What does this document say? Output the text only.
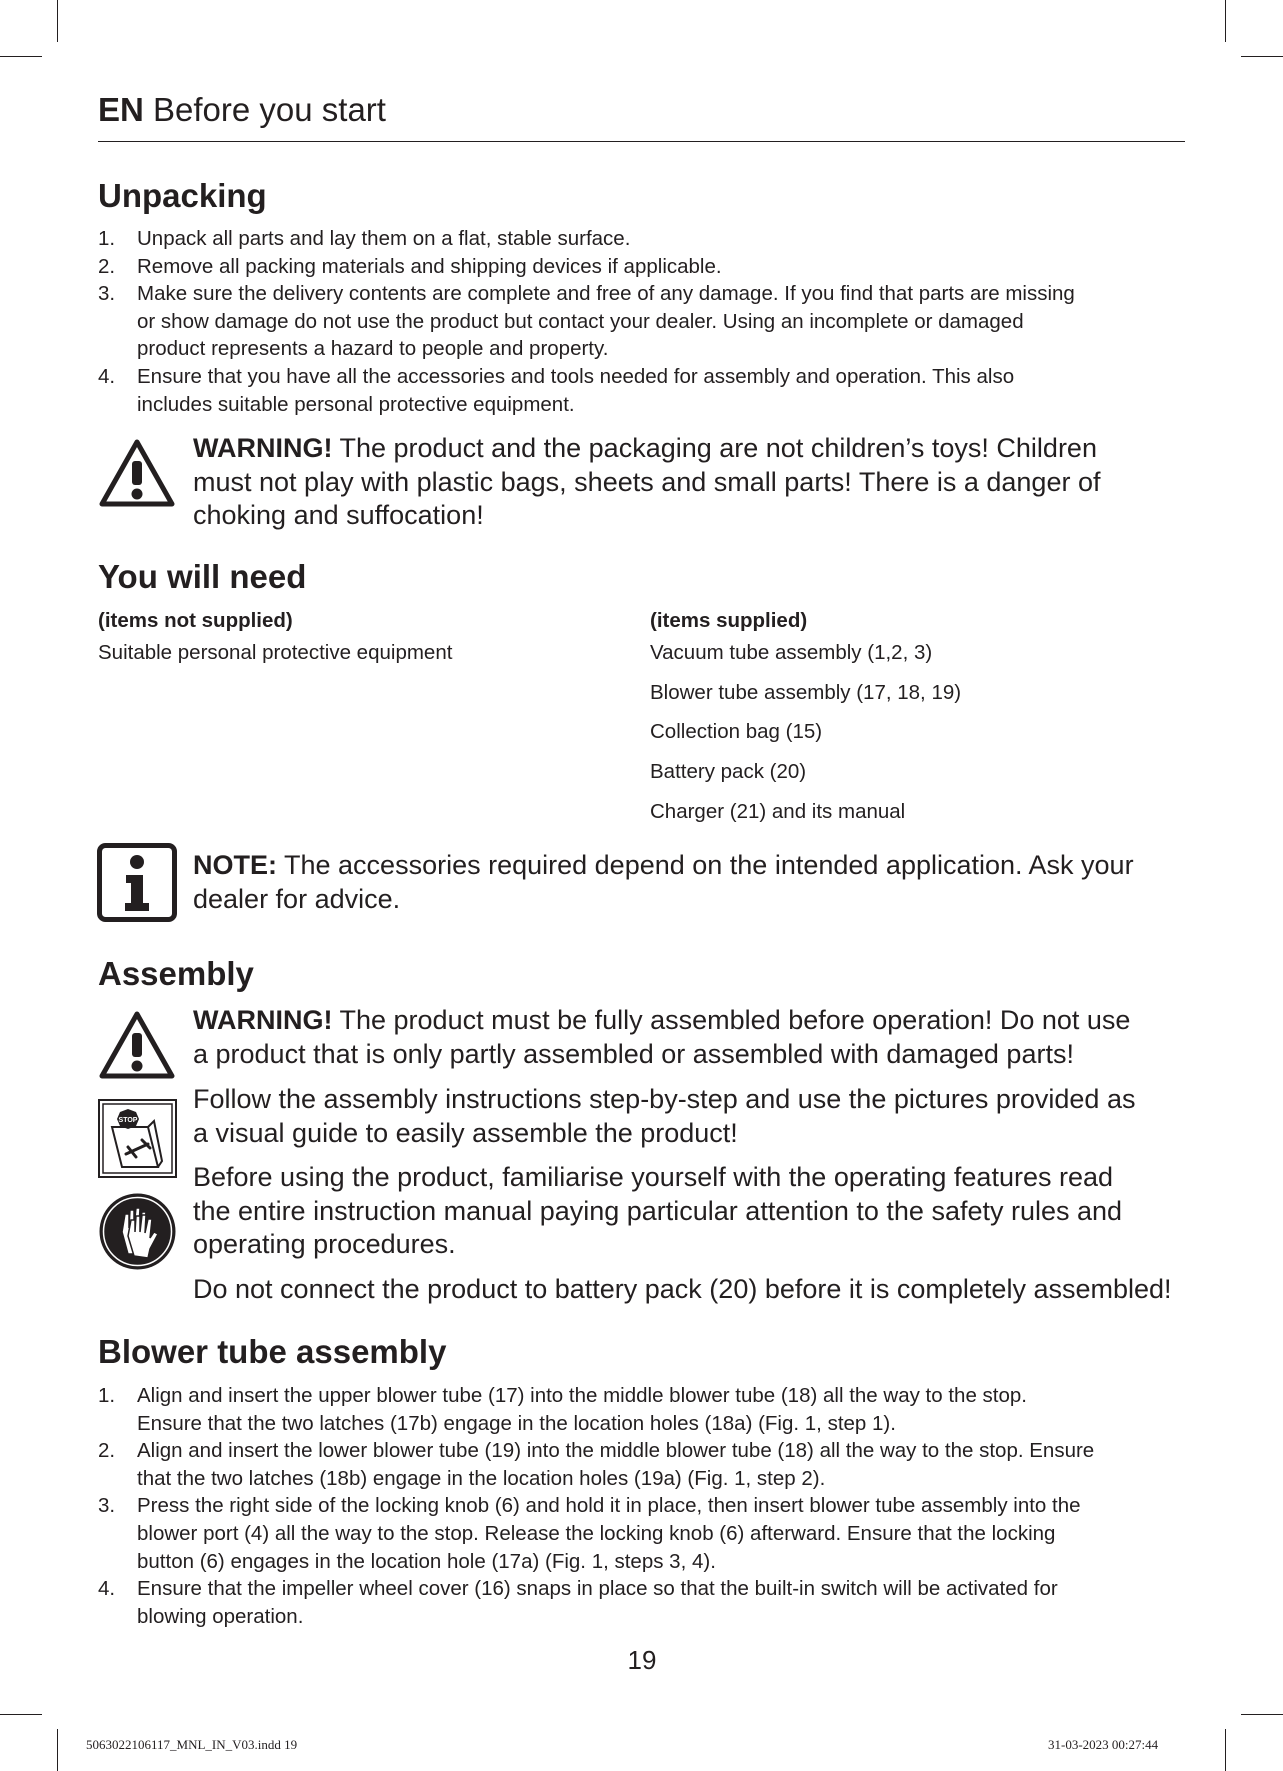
EN Before you start
Unpacking
1. Unpack all parts and lay them on a flat, stable surface.
2. Remove all packing materials and shipping devices if applicable.
3. Make sure the delivery contents are complete and free of any damage. If you find that parts are missing
or show damage do not use the product but contact your dealer. Using an incomplete or damaged
product represents a hazard to people and property.
4. Ensure that you have all the accessories and tools needed for assembly and operation. This also
includes suitable personal protective equipment.
WARNING! The product and the packaging are not children’s toys! Children
must not play with plastic bags, sheets and small parts! There is a danger of
choking and suffocation!
You will need
(items not supplied)
Suitable personal protective equipment
(items supplied)
Vacuum tube assembly (1,2, 3)
Blower tube assembly (17, 18, 19)
Collection bag (15)
Battery pack (20)
Charger (21) and its manual
NOTE: The accessories required depend on the intended application. Ask your
dealer for advice.
Assembly
WARNING! The product must be fully assembled before operation! Do not use
a product that is only partly assembled or assembled with damaged parts!
STOP
Follow the assembly instructions step-by-step and use the pictures provided as
a visual guide to easily assemble the product!
Before using the product, familiarise yourself with the operating features read
the entire instruction manual paying particular attention to the safety rules and
operating procedures.
Do not connect the product to battery pack (20) before it is completely assembled!
Blower tube assembly
1. Align and insert the upper blower tube (17) into the middle blower tube (18) all the way to the stop.
Ensure that the two latches (17b) engage in the location holes (18a) (Fig. 1, step 1).
2. Align and insert the lower blower tube (19) into the middle blower tube (18) all the way to the stop. Ensure
that the two latches (18b) engage in the location holes (19a) (Fig. 1, step 2).
3. Press the right side of the locking knob (6) and hold it in place, then insert blower tube assembly into the
blower port (4) all the way to the stop. Release the locking knob (6) afterward. Ensure that the locking
button (6) engages in the location hole (17a) (Fig. 1, steps 3, 4).
4. Ensure that the impeller wheel cover (16) snaps in place so that the built-in switch will be activated for
blowing operation.
19
5063022106117_MNL_IN_V03.indd 19	31-03-2023 00:27:44
